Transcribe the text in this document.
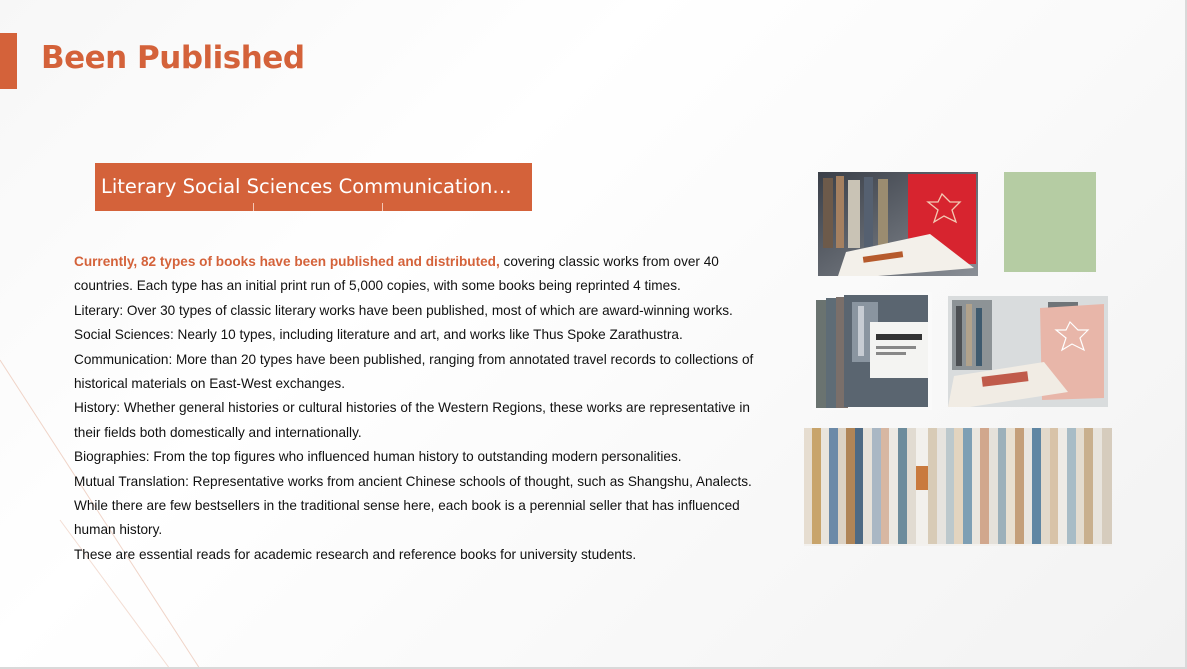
Been Published
Literary Social Sciences Communication…

Currently, 82 types of books have been published and distributed, covering classic works from over 40 countries. Each type has an initial print run of 5,000 copies, with some books being reprinted 4 times.

Literary: Over 30 types of classic literary works have been published, most of which are award-winning works.

Social Sciences: Nearly 10 types, including literature and art, and works like Thus Spoke Zarathustra.

Communication: More than 20 types have been published, ranging from annotated travel records to collections of historical materials on East-West exchanges.

History: Whether general histories or cultural histories of the Western Regions, these works are representative in their fields both domestically and internationally.

Biographies: From the top figures who influenced human history to outstanding modern personalities.

Mutual Translation: Representative works from ancient Chinese schools of thought, such as Shangshu, Analects.

While there are few bestsellers in the traditional sense here, each book is a perennial seller that has influenced human history.

These are essential reads for academic research and reference books for university students.
